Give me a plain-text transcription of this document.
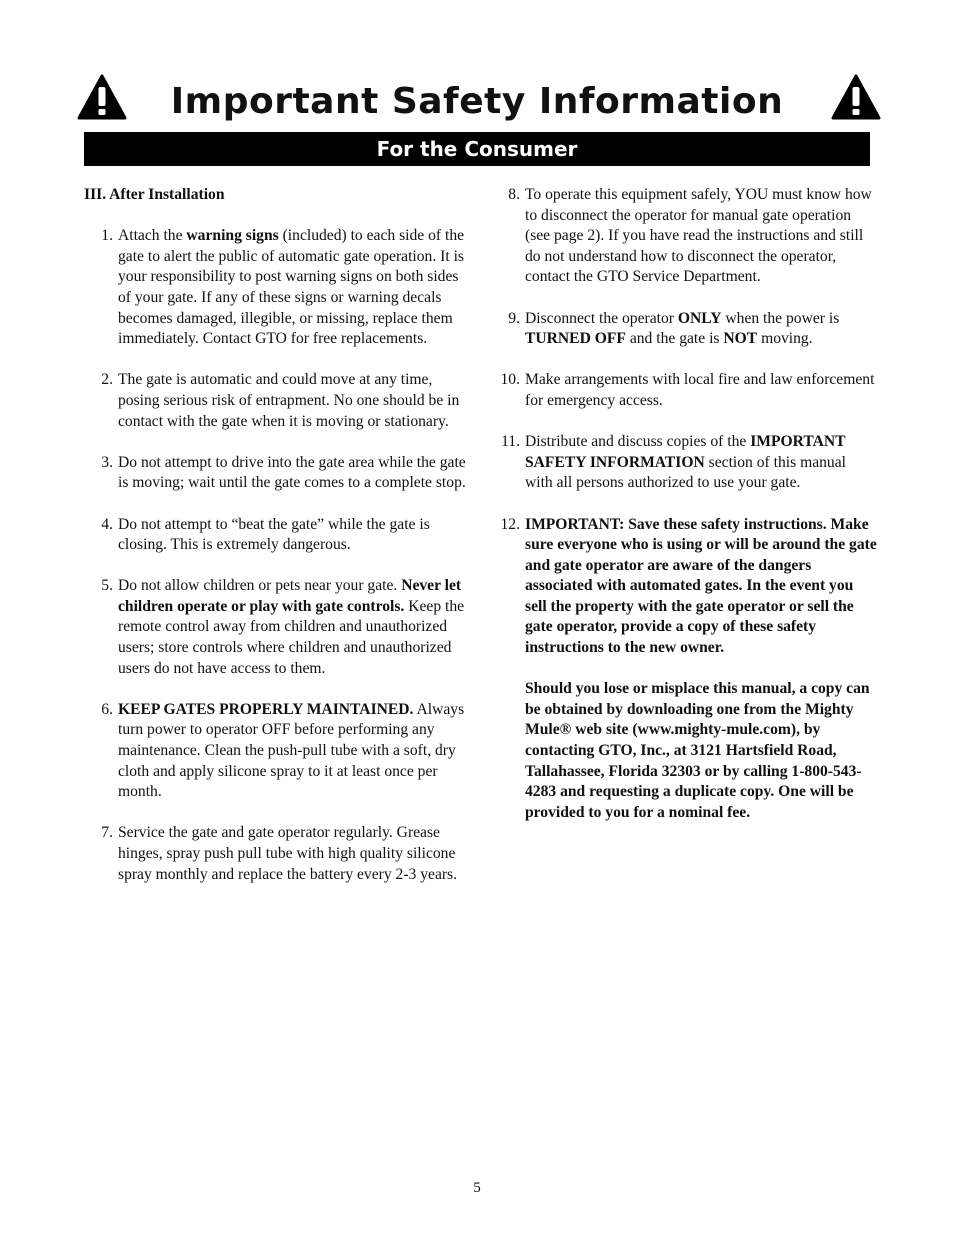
Important Safety Information
For the Consumer
III. After Installation
1. Attach the warning signs (included) to each side of the gate to alert the public of automatic gate operation. It is your responsibility to post warning signs on both sides of your gate. If any of these signs or warning decals becomes damaged, illegible, or missing, replace them immediately. Contact GTO for free replacements.
2. The gate is automatic and could move at any time, posing serious risk of entrapment. No one should be in contact with the gate when it is moving or stationary.
3. Do not attempt to drive into the gate area while the gate is moving; wait until the gate comes to a complete stop.
4. Do not attempt to “beat the gate” while the gate is closing. This is extremely dangerous.
5. Do not allow children or pets near your gate. Never let children operate or play with gate controls. Keep the remote control away from children and unauthorized users; store controls where children and unauthorized users do not have access to them.
6. KEEP GATES PROPERLY MAINTAINED. Always turn power to operator OFF before performing any maintenance. Clean the push-pull tube with a soft, dry cloth and apply silicone spray to it at least once per month.
7. Service the gate and gate operator regularly. Grease hinges, spray push pull tube with high quality silicone spray monthly and replace the battery every 2-3 years.
8. To operate this equipment safely, YOU must know how to disconnect the operator for manual gate operation (see page 2). If you have read the instructions and still do not understand how to disconnect the operator, contact the GTO Service Department.
9. Disconnect the operator ONLY when the power is TURNED OFF and the gate is NOT moving.
10. Make arrangements with local fire and law enforcement for emergency access.
11. Distribute and discuss copies of the IMPORTANT SAFETY INFORMATION section of this manual with all persons authorized to use your gate.
12. IMPORTANT: Save these safety instructions. Make sure everyone who is using or will be around the gate and gate operator are aware of the dangers associated with automated gates. In the event you sell the property with the gate operator or sell the gate operator, provide a copy of these safety instructions to the new owner.
Should you lose or misplace this manual, a copy can be obtained by downloading one from the Mighty Mule® web site (www.mighty-mule.com), by contacting GTO, Inc., at 3121 Hartsfield Road, Tallahassee, Florida 32303 or by calling 1-800-543-4283 and requesting a duplicate copy. One will be provided to you for a nominal fee.
5
